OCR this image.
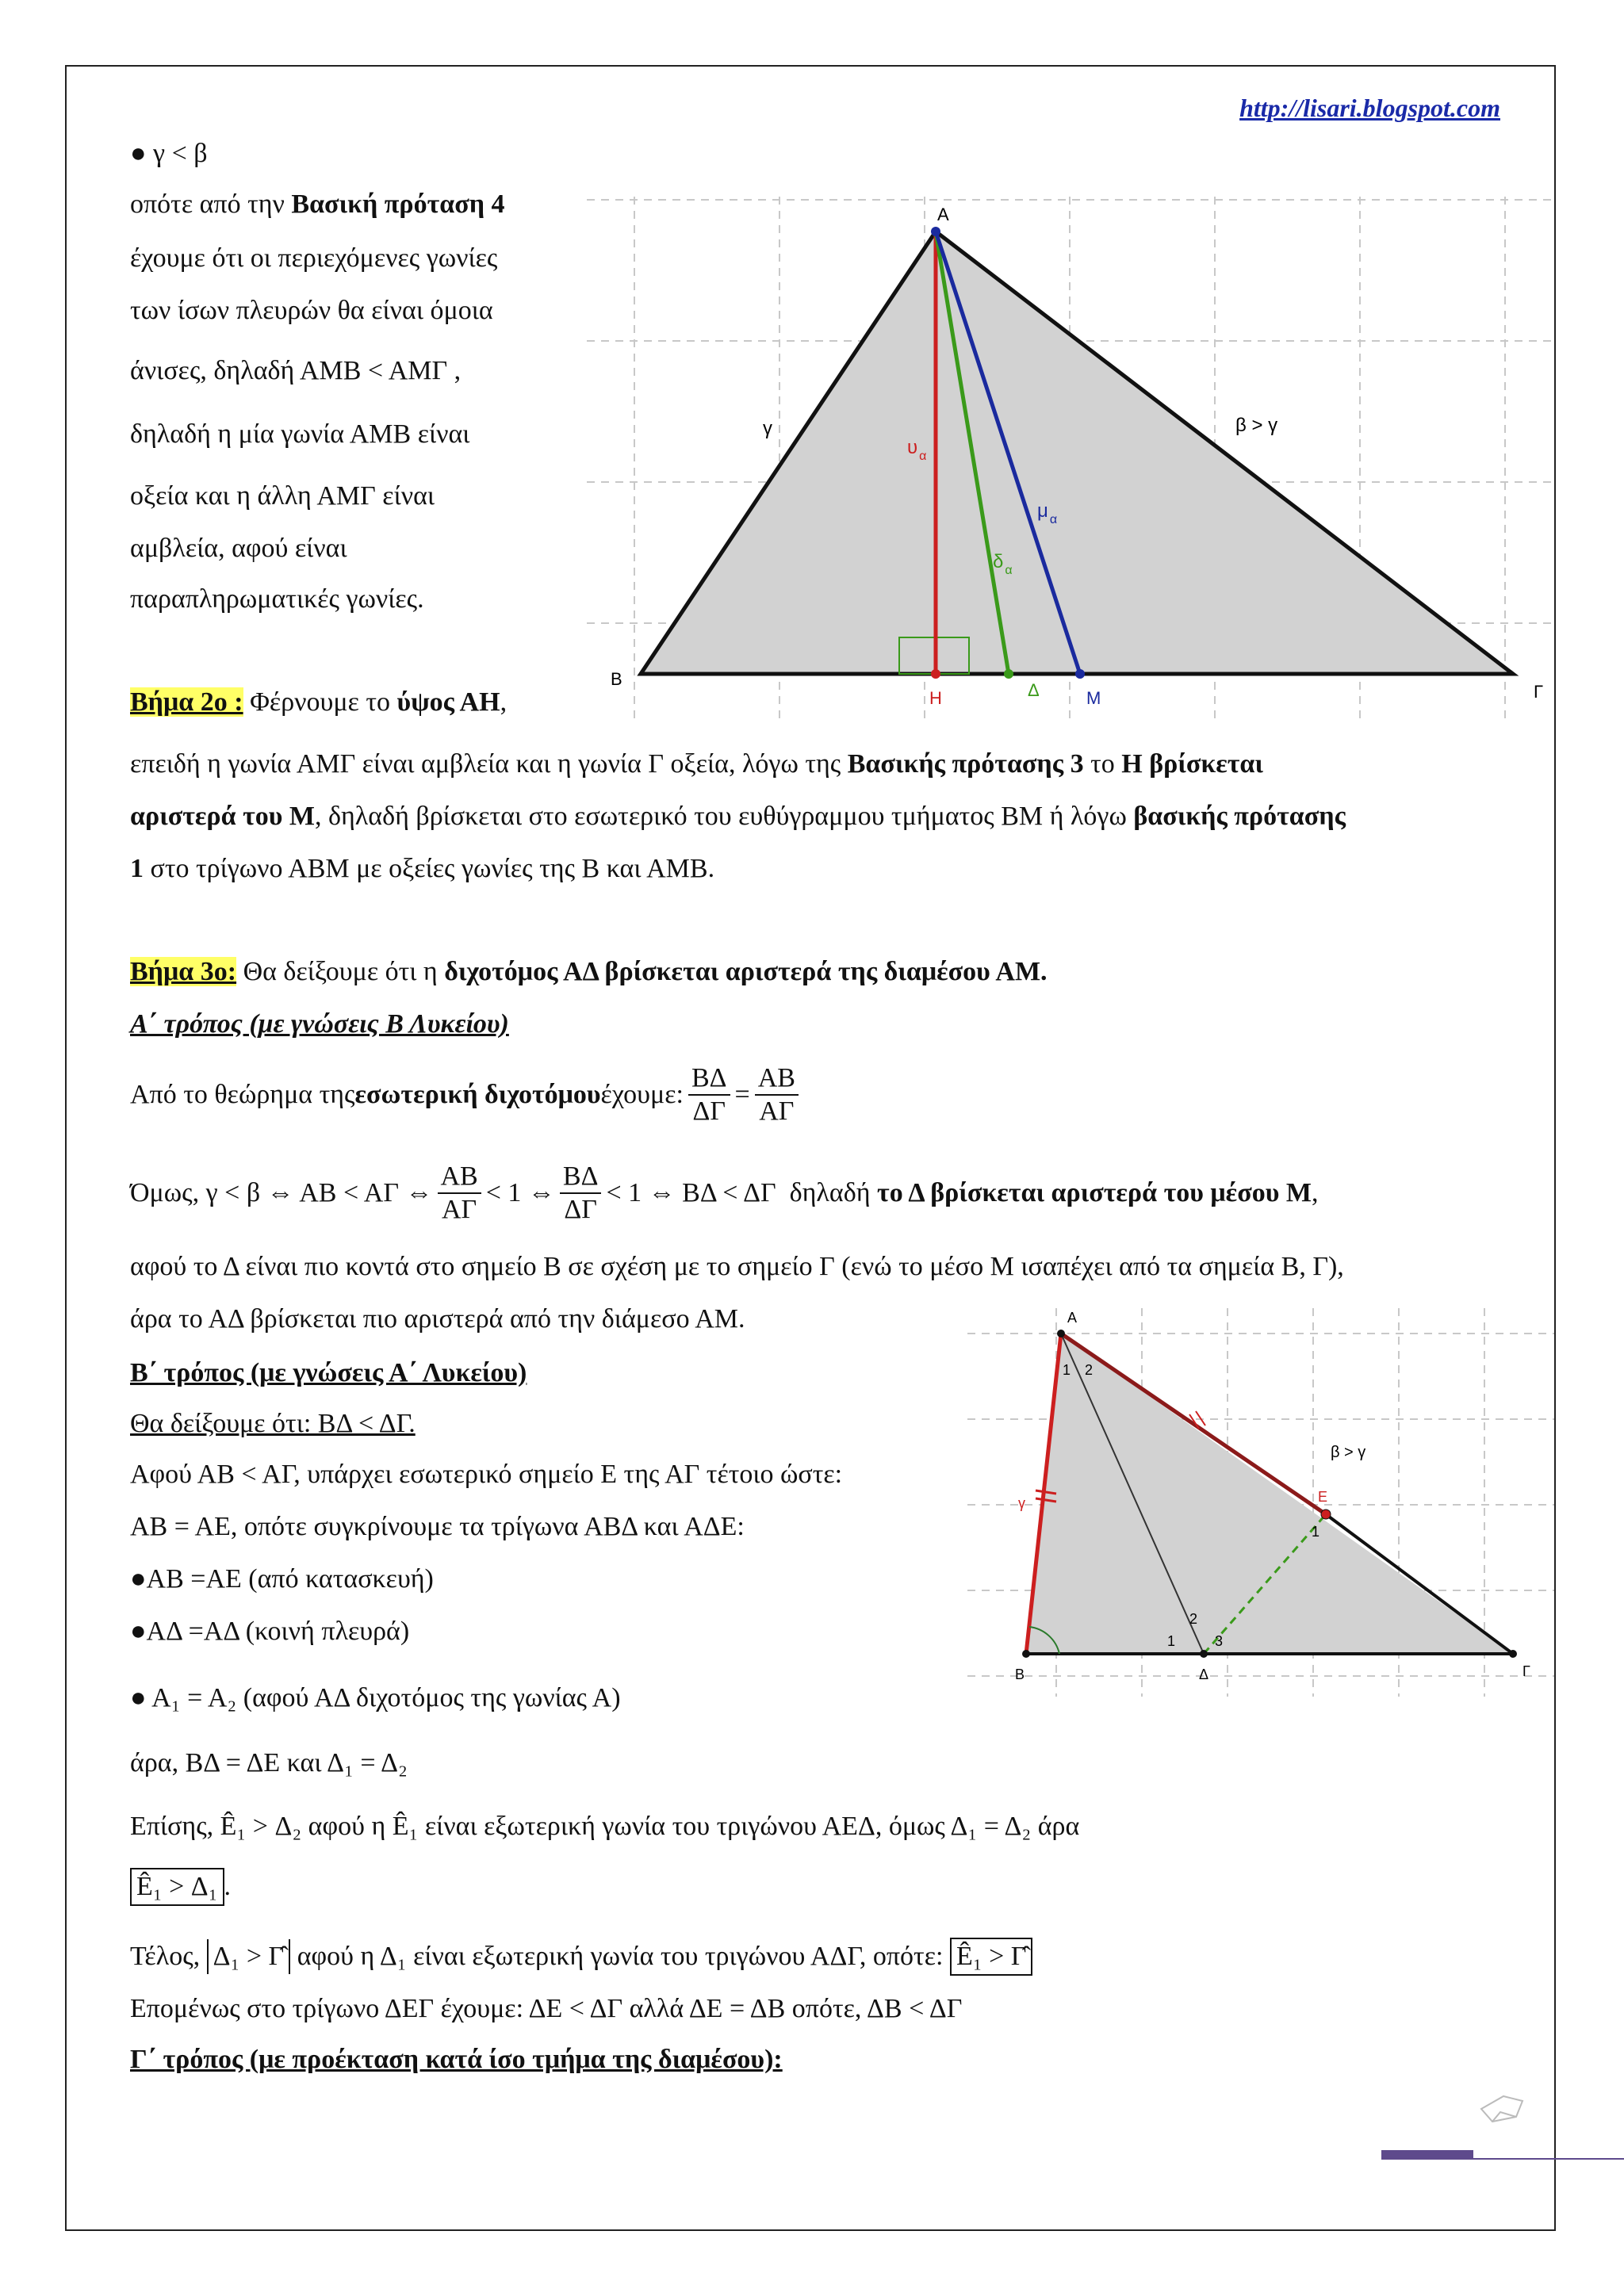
http://lisari.blogspot.com
● γ < β
οπότε από την Βασική πρόταση 4
έχουμε ότι οι περιεχόμενες γωνίες
των ίσων πλευρών θα είναι όμοια
άνισες, δηλαδή ΑΜΒ < ΑΜΓ ,
δηλαδή η μία γωνία ΑΜΒ είναι
οξεία και η άλλη ΑΜΓ είναι
αμβλεία, αφού είναι
παραπληρωματικές γωνίες.
A
B
Γ
H	Δ	M
γ	β > γ
υ $_\alpha$
δ $_\alpha$
μ $_\alpha$
Βήμα 2ο : Φέρνουμε το ύψος ΑΗ,
επειδή η γωνία ΑΜΓ είναι αμβλεία και η γωνία Γ οξεία, λόγω της Βασικής πρότασης 3 το Η βρίσκεται
αριστερά του Μ, δηλαδή βρίσκεται στο εσωτερικό του ευθύγραμμου τμήματος ΒΜ ή λόγω βασικής πρότασης
1 στο τρίγωνο ΑΒΜ με οξείες γωνίες της Β και ΑΜΒ.
Βήμα 3ο: Θα δείξουμε ότι η διχοτόμος ΑΔ βρίσκεται αριστερά της διαμέσου ΑΜ.
Α΄ τρόπος (με γνώσεις Β Λυκείου)
Από το θεώρημα της εσωτερική διχοτόμου έχουμε: $\frac{B\Delta}{\Delta\Gamma} = \frac{AB}{A\Gamma}$
Όμως, γ < β ⇔ ΑΒ < ΑΓ ⇔ $\frac{AB}{A\Gamma} < 1$ ⇔ $\frac{B\Delta}{\Delta\Gamma} < 1$ ⇔ ΒΔ < ΔΓ  δηλαδή το Δ βρίσκεται αριστερά του μέσου Μ ,
αφού το Δ είναι πιο κοντά στο σημείο Β σε σχέση με το σημείο Γ (ενώ το μέσο Μ ισαπέχει από τα σημεία Β, Γ),
άρα το ΑΔ βρίσκεται πιο αριστερά από την διάμεσο ΑΜ.
Β΄ τρόπος (με γνώσεις Α΄ Λυκείου)
Θα δείξουμε ότι: ΒΔ < ΔΓ.
Αφού ΑΒ < ΑΓ, υπάρχει εσωτερικό σημείο Ε της ΑΓ τέτοιο ώστε:
ΑΒ = ΑΕ, οπότε συγκρίνουμε τα τρίγωνα ΑΒΔ και ΑΔΕ:
●ΑΒ =ΑΕ (από κατασκευή)
●ΑΔ =ΑΔ (κοινή πλευρά)
● Α₁ = Α₂ (αφού ΑΔ διχοτόμος της γωνίας Α)
άρα, ΒΔ = ΔΕ και Δ₁ = Δ₂
Επίσης, Ê₁ > Δ₂ αφού η Ê₁ είναι εξωτερική γωνία του τριγώνου ΑΕΔ, όμως Δ₁ = Δ₂ άρα
Ê₁ > Δ₁ .
Τέλος, Δ₁ > Γ̂ αφού η Δ₁ είναι εξωτερική γωνία του τριγώνου ΑΔΓ, οπότε: Ê₁ > Γ̂
Επομένως στο τρίγωνο ΔΕΓ έχουμε: ΔΕ < ΔΓ αλλά ΔΕ = ΔΒ οπότε, ΔΒ < ΔΓ
Γ΄ τρόπος (με προέκταση κατά ίσο τμήμα της διαμέσου):
A
B	Δ	Γ
E
γ
β > γ
1 2
1
2
3
1
